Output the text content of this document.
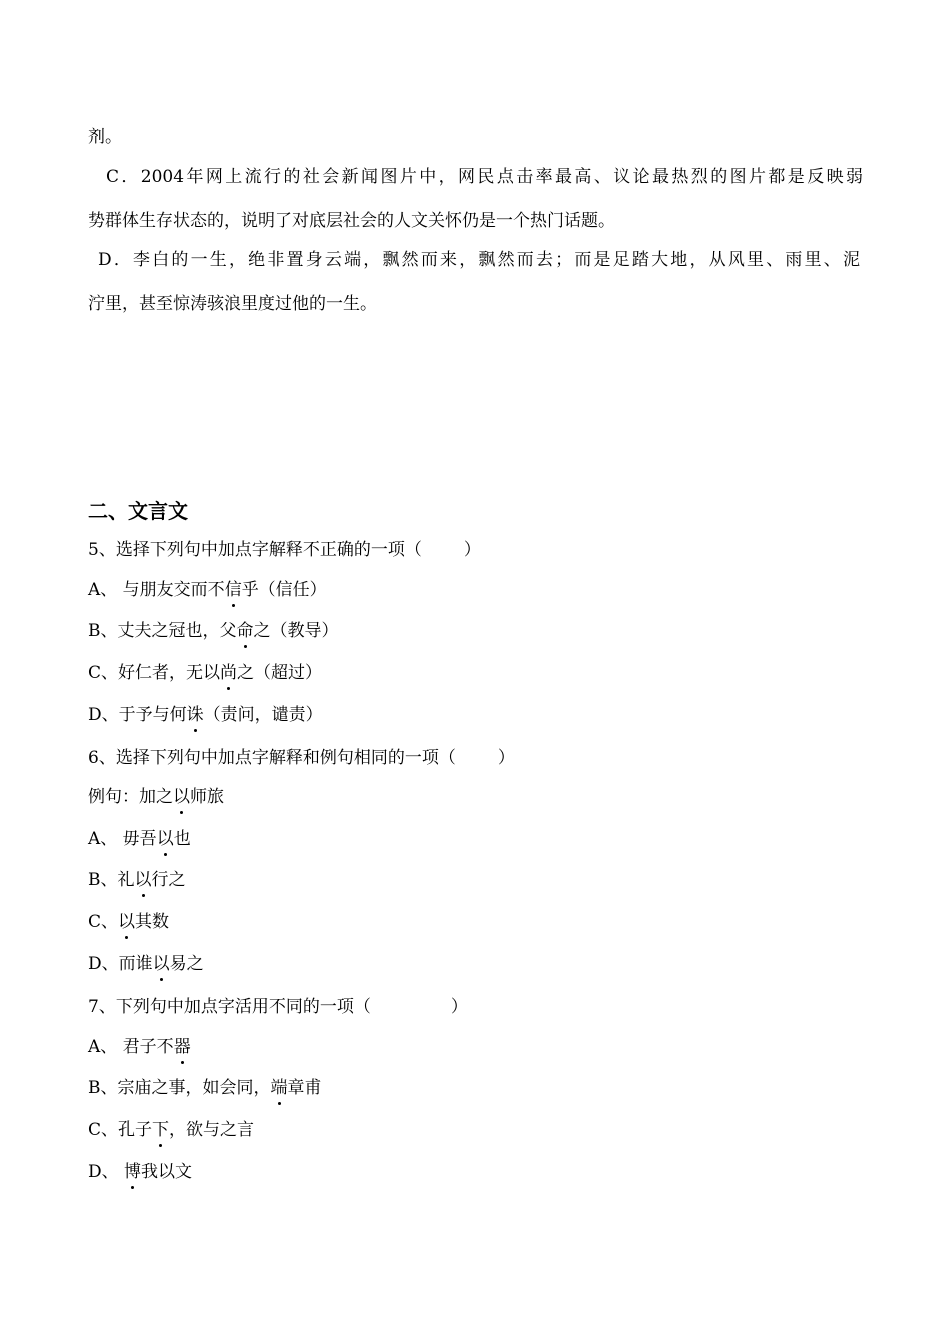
剂。
C．2004年网上流行的社会新闻图片中，网民点击率最高、议论最热烈的图片都是反映弱
势群体生存状态的，说明了对底层社会的人文关怀仍是一个热门话题。
D．李白的一生，绝非置身云端，飘然而来，飘然而去；而是足踏大地，从风里、雨里、泥
泞里，甚至惊涛骇浪里度过他的一生。
二、文言文
5、选择下列句中加点字解释不正确的一项（ ）
A、 与朋友交而不信乎（信任）
B、丈夫之冠也，父命之（教导）
C、好仁者，无以尚之（超过）
D、于予与何诛（责问，谴责）
6、选择下列句中加点字解释和例句相同的一项（ ）
例句：加之以师旅
A、 毋吾以也
B、礼以行之
C、以其数
D、而谁以易之
7、下列句中加点字活用不同的一项（	）
A、 君子不器
B、宗庙之事，如会同，端章甫
C、孔子下，欲与之言
D、 博我以文
